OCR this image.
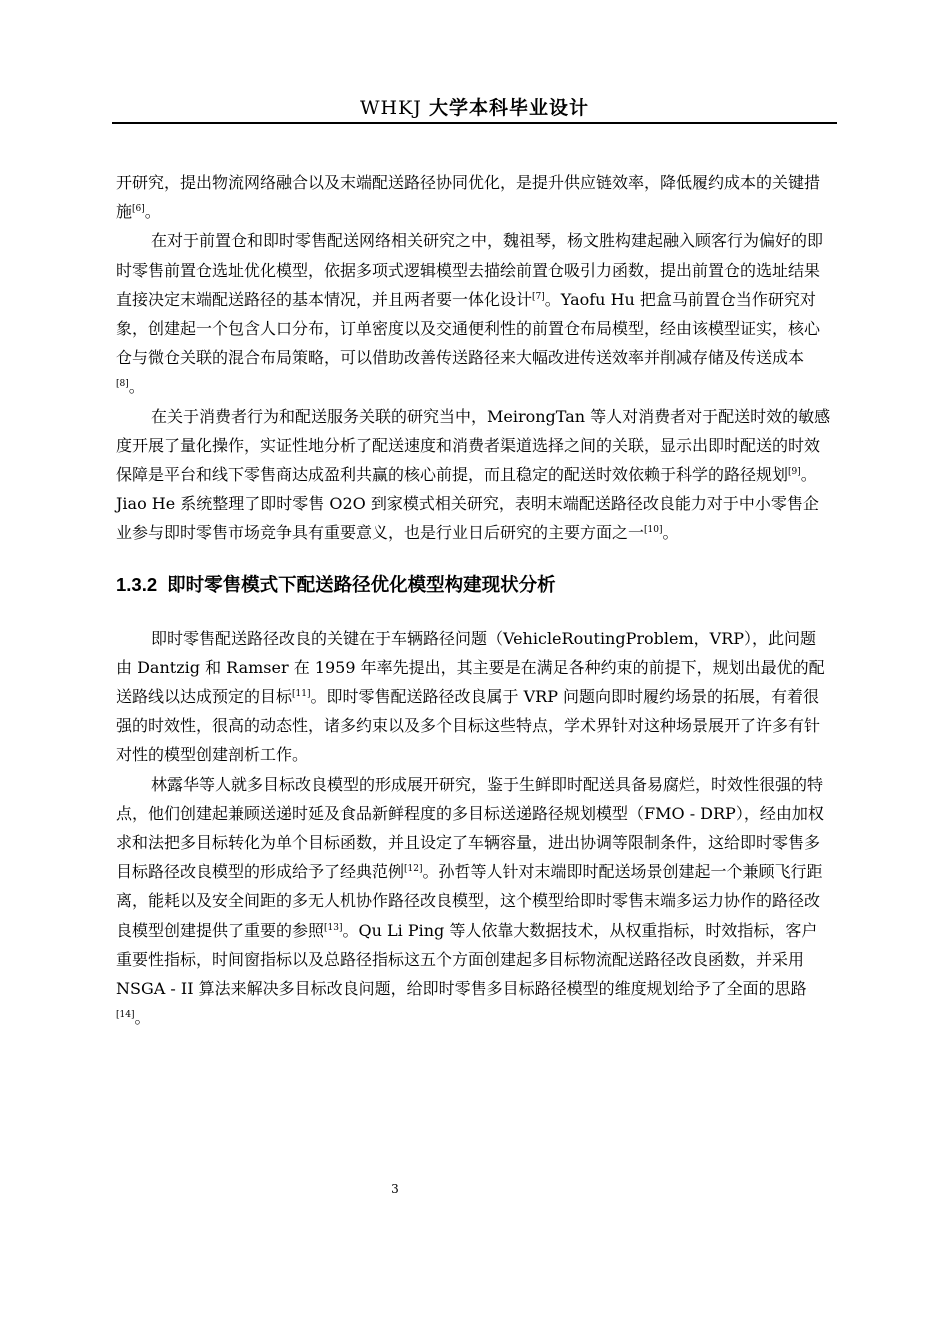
WHKJ 大学本科毕业设计

开研究，提出物流网络融合以及末端配送路径协同优化，是提升供应链效率，降低履约成本的关键措施[6]。

在对于前置仓和即时零售配送网络相关研究之中，魏祖琴，杨文胜构建起融入顾客行为偏好的即时零售前置仓选址优化模型，依据多项式逻辑模型去描绘前置仓吸引力函数，提出前置仓的选址结果直接决定末端配送路径的基本情况，并且两者要一体化设计[7]。Yaofu Hu 把盒马前置仓当作研究对象，创建起一个包含人口分布，订单密度以及交通便利性的前置仓布局模型，经由该模型证实，核心仓与微仓关联的混合布局策略，可以借助改善传送路径来大幅改进传送效率并削减存储及传送成本[8]。

在关于消费者行为和配送服务关联的研究当中，MeirongTan 等人对消费者对于配送时效的敏感度开展了量化操作，实证性地分析了配送速度和消费者渠道选择之间的关联，显示出即时配送的时效保障是平台和线下零售商达成盈利共赢的核心前提，而且稳定的配送时效依赖于科学的路径规划[9]。Jiao He 系统整理了即时零售 O2O 到家模式相关研究，表明末端配送路径改良能力对于中小零售企业参与即时零售市场竞争具有重要意义，也是行业日后研究的主要方面之一[10]。

1.3.2 即时零售模式下配送路径优化模型构建现状分析

即时零售配送路径改良的关键在于车辆路径问题（VehicleRoutingProblem，VRP），此问题由 Dantzig 和 Ramser 在 1959 年率先提出，其主要是在满足各种约束的前提下，规划出最优的配送路线以达成预定的目标[11]。即时零售配送路径改良属于 VRP 问题向即时履约场景的拓展，有着很强的时效性，很高的动态性，诸多约束以及多个目标这些特点，学术界针对这种场景展开了许多有针对性的模型创建剖析工作。

林露华等人就多目标改良模型的形成展开研究，鉴于生鲜即时配送具备易腐烂，时效性很强的特点，他们创建起兼顾送递时延及食品新鲜程度的多目标送递路径规划模型（FMO - DRP），经由加权求和法把多目标转化为单个目标函数，并且设定了车辆容量，进出协调等限制条件，这给即时零售多目标路径改良模型的形成给予了经典范例[12]。孙哲等人针对末端即时配送场景创建起一个兼顾飞行距离，能耗以及安全间距的多无人机协作路径改良模型，这个模型给即时零售末端多运力协作的路径改良模型创建提供了重要的参照[13]。Qu Li Ping 等人依靠大数据技术，从权重指标，时效指标，客户重要性指标，时间窗指标以及总路径指标这五个方面创建起多目标物流配送路径改良函数，并采用 NSGA - II 算法来解决多目标改良问题，给即时零售多目标路径模型的维度规划给予了全面的思路[14]。

3
